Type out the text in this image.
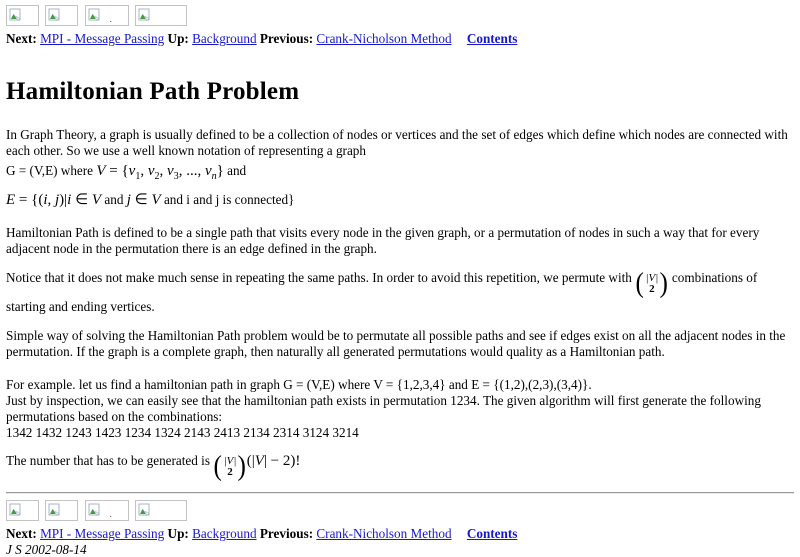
.

Next: MPI - Message Passing Up: Background Previous: Crank-Nicholson Method Contents
Hamiltonian Path Problem

In Graph Theory, a graph is usually defined to be a collection of nodes or vertices and the set of edges which define which nodes are connected with each other. So we use a well known notation of representing a graph

G = (V,E) where $V = \{v_1$, $v_2$, $v_3$, ..., $v_n$} and
E = {(i, j)|i ∈ V and j ∈ V and i and j is connected}

Hamiltonian Path is defined to be a single path that visits every node in the given graph, or a permutation of nodes in such a way that for every adjacent node in the permutation there is an edge defined in the graph.

Notice that it does not make much sense in repeating the same paths. In order to avoid this repetition, we permute with ( |V|
2 ) combinations of starting and ending vertices.

Simple way of solving the Hamiltonian Path problem would be to permutate all possible paths and see if edges exist on all the adjacent nodes in the permutation. If the graph is a complete graph, then naturally all generated permutations would quality as a Hamiltonian path.

For example. let us find a hamiltonian path in graph G = (V,E) where V = {1,2,3,4} and E = {(1,2),(2,3),(3,4)}.
Just by inspection, we can easily see that the hamiltonian path exists in permutation 1234. The given algorithm will first generate the following permutations based on the combinations:
1342 1432 1243 1423 1234 1324 2143 2413 2134 2314 3124 3214

The number that has to be generated is ( |V|
2 ) (|V| − 2)!

.

Next: MPI - Message Passing Up: Background Previous: Crank-Nicholson Method Contents
J S 2002-08-14
